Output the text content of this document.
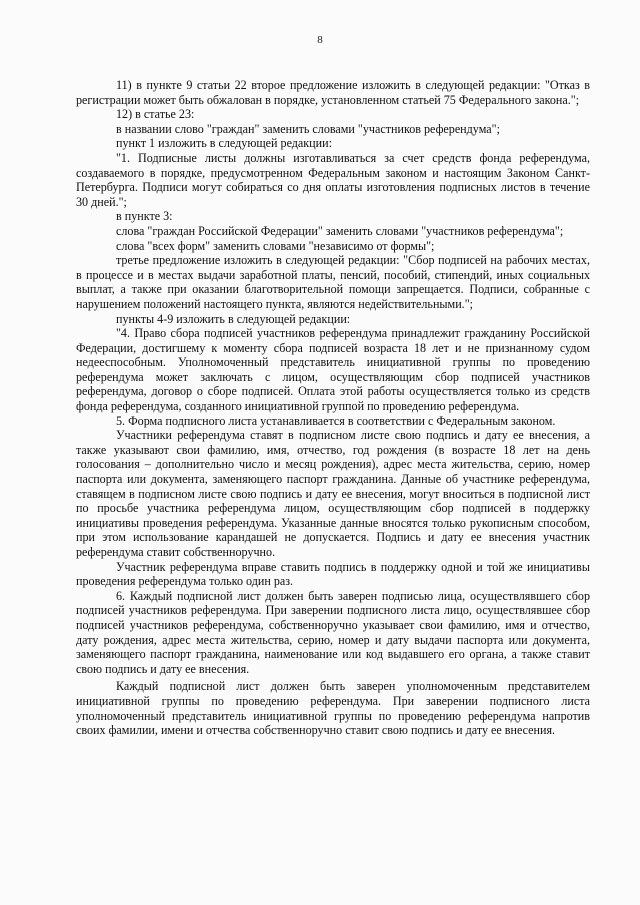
8

11) в пункте 9 статьи 22 второе предложение изложить в следующей редакции: "Отказ в регистрации может быть обжалован в порядке, установленном статьей 75 Федерального закона.";

12) в статье 23:

в названии слово "граждан" заменить словами "участников референдума";

пункт 1 изложить в следующей редакции:

"1. Подписные листы должны изготавливаться за счет средств фонда референдума, создаваемого в порядке, предусмотренном Федеральным законом и настоящим Законом Санкт-Петербурга. Подписи могут собираться со дня оплаты изготовления подписных листов в течение 30 дней.";

в пункте 3:

слова "граждан Российской Федерации" заменить словами "участников референдума";

слова "всех форм" заменить словами "независимо от формы";

третье предложение изложить в следующей редакции: "Сбор подписей на рабочих местах, в процессе и в местах выдачи заработной платы, пенсий, пособий, стипендий, иных социальных выплат, а также при оказании благотворительной помощи запрещается. Подписи, собранные с нарушением положений настоящего пункта, являются недействительными.";

пункты 4-9 изложить в следующей редакции:

"4. Право сбора подписей участников референдума принадлежит гражданину Российской Федерации, достигшему к моменту сбора подписей возраста 18 лет и не признанному судом недееспособным. Уполномоченный представитель инициативной группы по проведению референдума может заключать с лицом, осуществляющим сбор подписей участников референдума, договор о сборе подписей. Оплата этой работы осуществляется только из средств фонда референдума, созданного инициативной группой по проведению референдума.

5. Форма подписного листа устанавливается в соответствии с Федеральным законом.

Участники референдума ставят в подписном листе свою подпись и дату ее внесения, а также указывают свои фамилию, имя, отчество, год рождения (в возрасте 18 лет на день голосования – дополнительно число и месяц рождения), адрес места жительства, серию, номер паспорта или документа, заменяющего паспорт гражданина. Данные об участнике референдума, ставящем в подписном листе свою подпись и дату ее внесения, могут вноситься в подписной лист по просьбе участника референдума лицом, осуществляющим сбор подписей в поддержку инициативы проведения референдума. Указанные данные вносятся только рукописным способом, при этом использование карандашей не допускается. Подпись и дату ее внесения участник референдума ставит собственноручно.

Участник референдума вправе ставить подпись в поддержку одной и той же инициативы проведения референдума только один раз.

6. Каждый подписной лист должен быть заверен подписью лица, осуществлявшего сбор подписей участников референдума. При заверении подписного листа лицо, осуществлявшее сбор подписей участников референдума, собственноручно указывает свои фамилию, имя и отчество, дату рождения, адрес места жительства, серию, номер и дату выдачи паспорта или документа, заменяющего паспорт гражданина, наименование или код выдавшего его органа, а также ставит свою подпись и дату ее внесения.

Каждый подписной лист должен быть заверен уполномоченным представителем инициативной группы по проведению референдума. При заверении подписного листа уполномоченный представитель инициативной группы по проведению референдума напротив своих фамилии, имени и отчества собственноручно ставит свою подпись и дату ее внесения.
